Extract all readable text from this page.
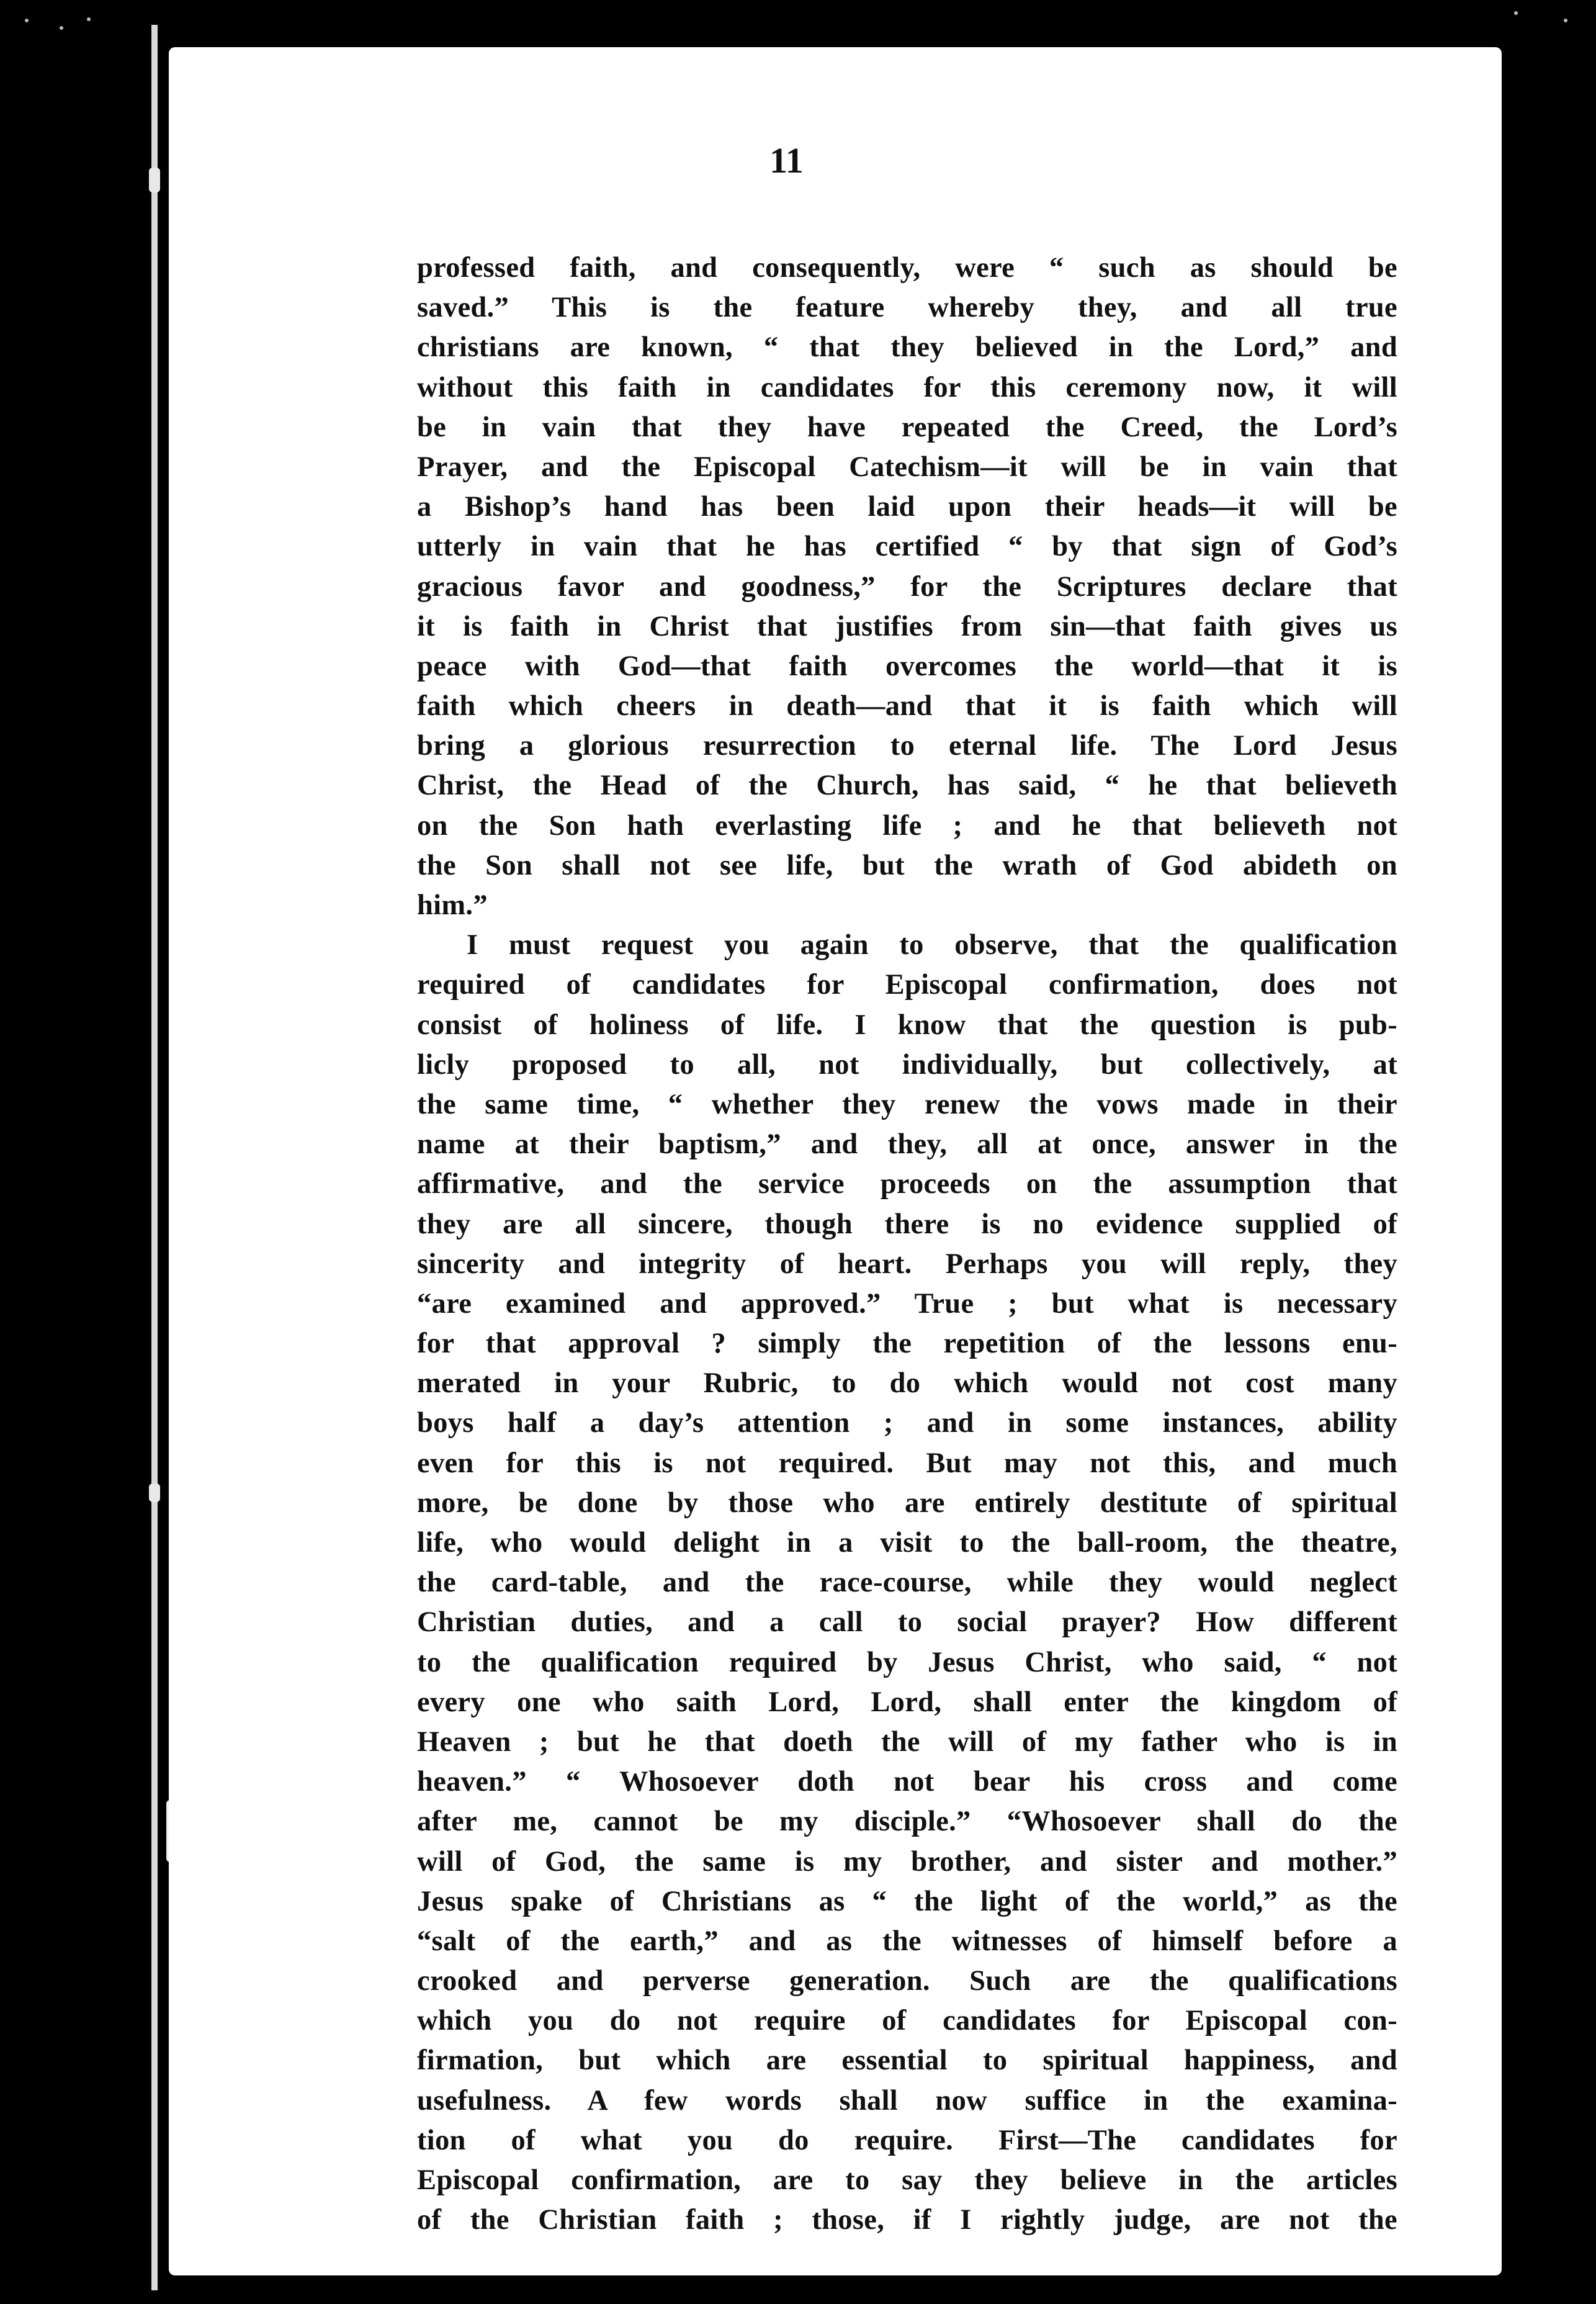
11
professed faith, and consequently, were “ such as should be
saved.” This is the feature whereby they, and all true
christians are known, “ that they believed in the Lord,” and
without this faith in candidates for this ceremony now, it will
be in vain that they have repeated the Creed, the Lord’s
Prayer, and the Episcopal Catechism—it will be in vain that
a Bishop’s hand has been laid upon their heads—it will be
utterly in vain that he has certified “ by that sign of God’s
gracious favor and goodness,” for the Scriptures declare that
it is faith in Christ that justifies from sin—that faith gives us
peace with God—that faith overcomes the world—that it is
faith which cheers in death—and that it is faith which will
bring a glorious resurrection to eternal life. The Lord Jesus
Christ, the Head of the Church, has said, “ he that believeth
on the Son hath everlasting life ; and he that believeth not
the Son shall not see life, but the wrath of God abideth on
him.”
I must request you again to observe, that the qualification
required of candidates for Episcopal confirmation, does not
consist of holiness of life. I know that the question is pub-
licly proposed to all, not individually, but collectively, at
the same time, “ whether they renew the vows made in their
name at their baptism,” and they, all at once, answer in the
affirmative, and the service proceeds on the assumption that
they are all sincere, though there is no evidence supplied of
sincerity and integrity of heart. Perhaps you will reply, they
“are examined and approved.” True ; but what is necessary
for that approval ? simply the repetition of the lessons enu-
merated in your Rubric, to do which would not cost many
boys half a day’s attention ; and in some instances, ability
even for this is not required. But may not this, and much
more, be done by those who are entirely destitute of spiritual
life, who would delight in a visit to the ball-room, the theatre,
the card-table, and the race-course, while they would neglect
Christian duties, and a call to social prayer? How different
to the qualification required by Jesus Christ, who said, “ not
every one who saith Lord, Lord, shall enter the kingdom of
Heaven ; but he that doeth the will of my father who is in
heaven.” “ Whosoever doth not bear his cross and come
after me, cannot be my disciple.” “Whosoever shall do the
will of God, the same is my brother, and sister and mother.”
Jesus spake of Christians as “ the light of the world,” as the
“salt of the earth,” and as the witnesses of himself before a
crooked and perverse generation. Such are the qualifications
which you do not require of candidates for Episcopal con-
firmation, but which are essential to spiritual happiness, and
usefulness. A few words shall now suffice in the examina-
tion of what you do require. First—The candidates for
Episcopal confirmation, are to say they believe in the articles
of the Christian faith ; those, if I rightly judge, are not the
